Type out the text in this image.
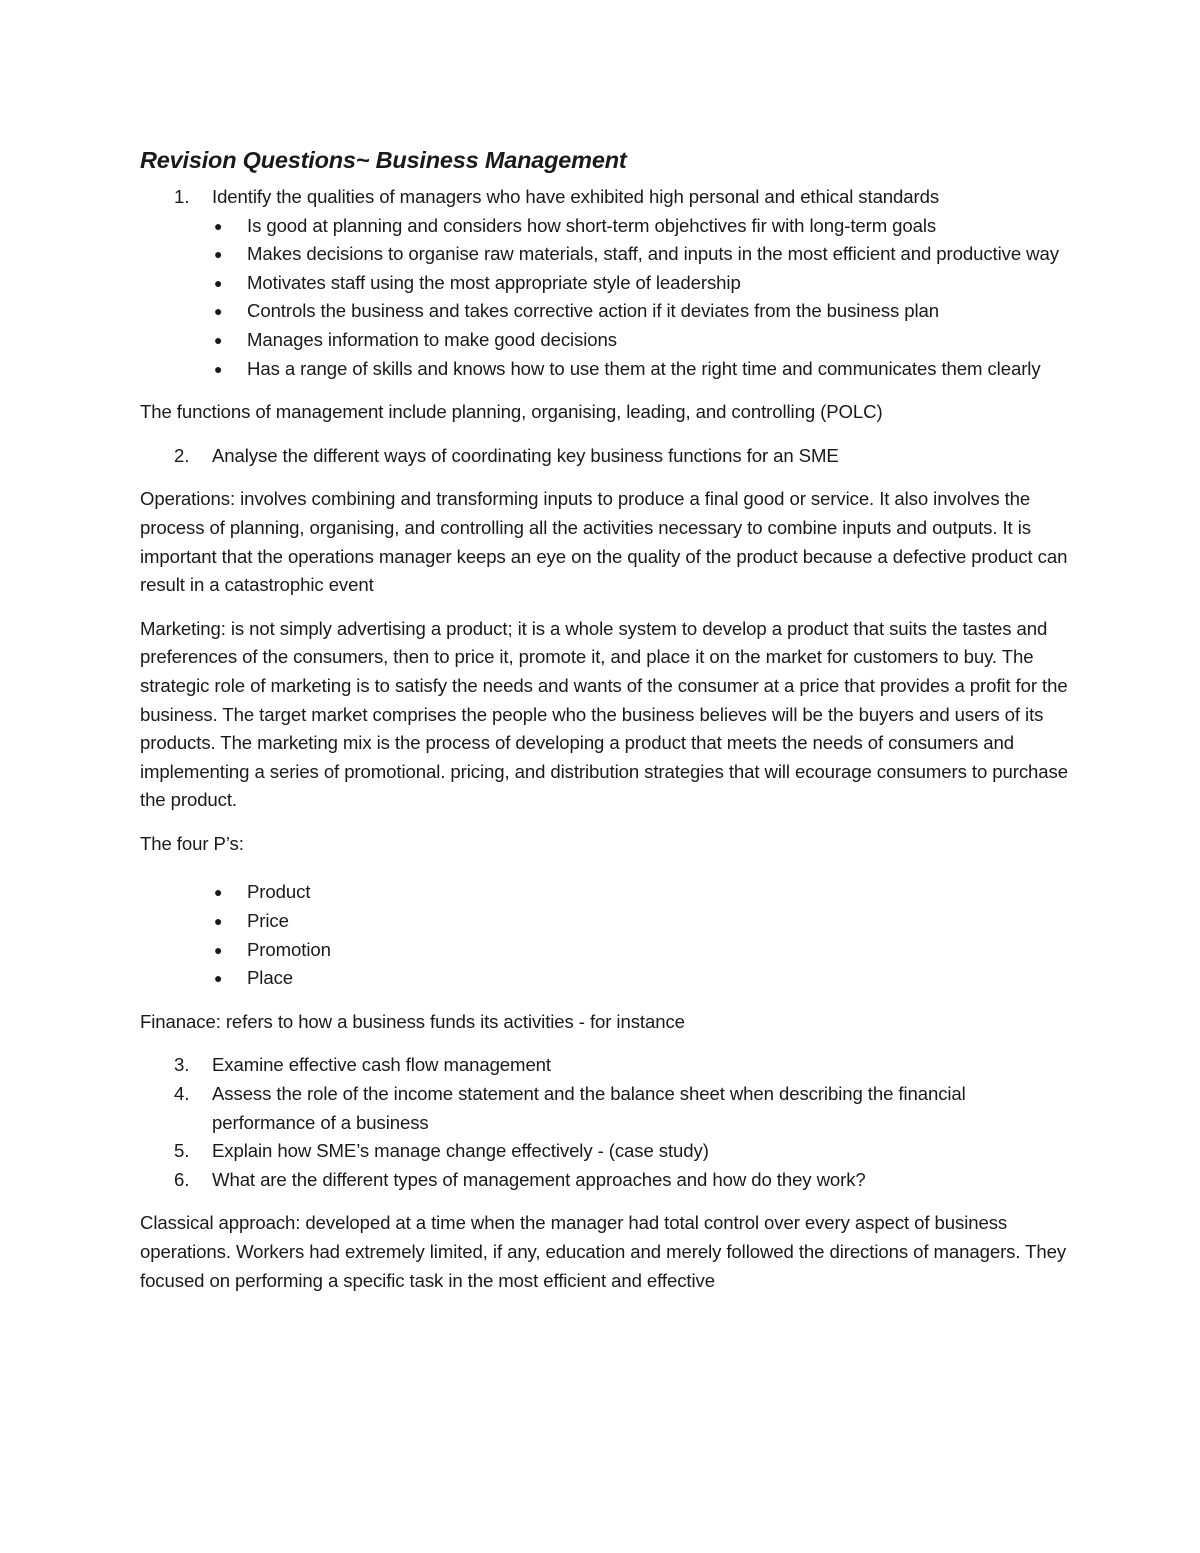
Revision Questions~ Business Management
1. Identify the qualities of managers who have exhibited high personal and ethical standards
● Is good at planning and considers how short-term objehctives fir with long-term goals
● Makes decisions to organise raw materials, staff, and inputs in the most efficient and productive way
● Motivates staff using the most appropriate style of leadership
● Controls the business and takes corrective action if it deviates from the business plan
● Manages information to make good decisions
● Has a range of skills and knows how to use them at the right time and communicates them clearly

The functions of management include planning, organising, leading, and controlling (POLC)

2. Analyse the different ways of coordinating key business functions for an SME

Operations: involves combining and transforming inputs to produce a final good or service. It also involves the process of planning, organising, and controlling all the activities necessary to combine inputs and outputs. It is important that the operations manager keeps an eye on the quality of the product because a defective product can result in a catastrophic event

Marketing: is not simply advertising a product; it is a whole system to develop a product that suits the tastes and preferences of the consumers, then to price it, promote it, and place it on the market for customers to buy. The strategic role of marketing is to satisfy the needs and wants of the consumer at a price that provides a profit for the business. The target market comprises the people who the business believes will be the buyers and users of its products. The marketing mix is the process of developing a product that meets the needs of consumers and implementing a series of promotional. pricing, and distribution strategies that will ecourage consumers to purchase the product.

The four P’s:

● Product
● Price
● Promotion
● Place

Finanace: refers to how a business funds its activities - for instance

3. Examine effective cash flow management
4. Assess the role of the income statement and the balance sheet when describing the financial performance of a business
5. Explain how SME’s manage change effectively - (case study)
6. What are the different types of management approaches and how do they work?

Classical approach: developed at a time when the manager had total control over every aspect of business operations. Workers had extremely limited, if any, education and merely followed the directions of managers. They focused on performing a specific task in the most efficient and effective
